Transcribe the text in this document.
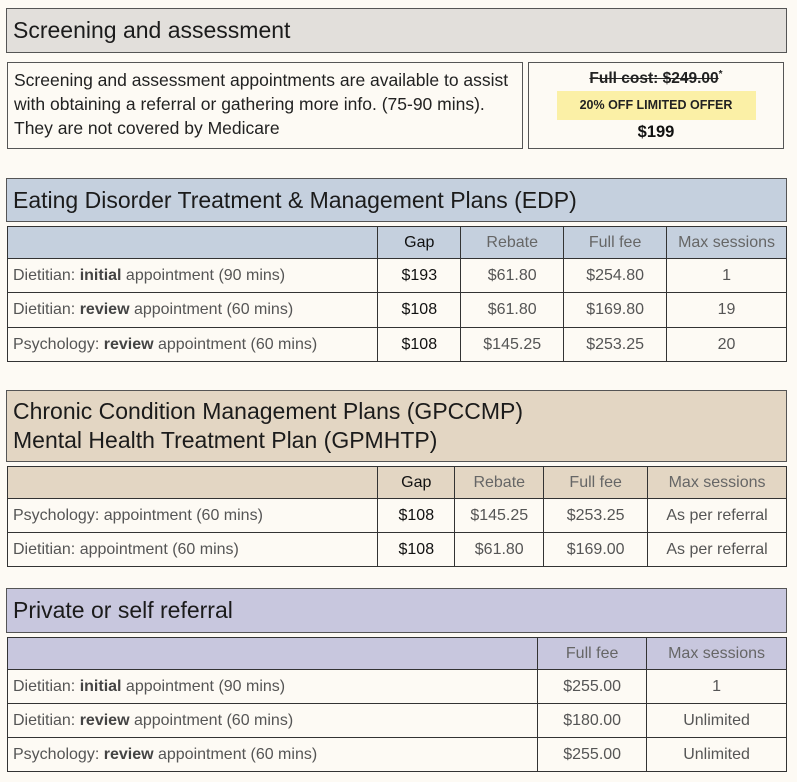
Screening and assessment
Screening and assessment appointments are available to assist with obtaining a referral or gathering more info. (75-90 mins). They are not covered by Medicare
Full cost: $249.00*
20% OFF LIMITED OFFER
$199
Eating Disorder Treatment & Management Plans (EDP)
	Gap	Rebate	Full fee	Max sessions
Dietitian: initial appointment (90 mins)	$193	$61.80	$254.80	1
Dietitian: review appointment (60 mins)	$108	$61.80	$169.80	19
Psychology: review appointment (60 mins)	$108	$145.25	$253.25	20
Chronic Condition Management Plans (GPCCMP)
Mental Health Treatment Plan (GPMHTP)
	Gap	Rebate	Full fee	Max sessions
Psychology: appointment (60 mins)	$108	$145.25	$253.25	As per referral
Dietitian: appointment (60 mins)	$108	$61.80	$169.00	As per referral
Private or self referral
	Full fee	Max sessions
Dietitian: initial appointment (90 mins)	$255.00	1
Dietitian: review appointment (60 mins)	$180.00	Unlimited
Psychology: review appointment (60 mins)	$255.00	Unlimited
